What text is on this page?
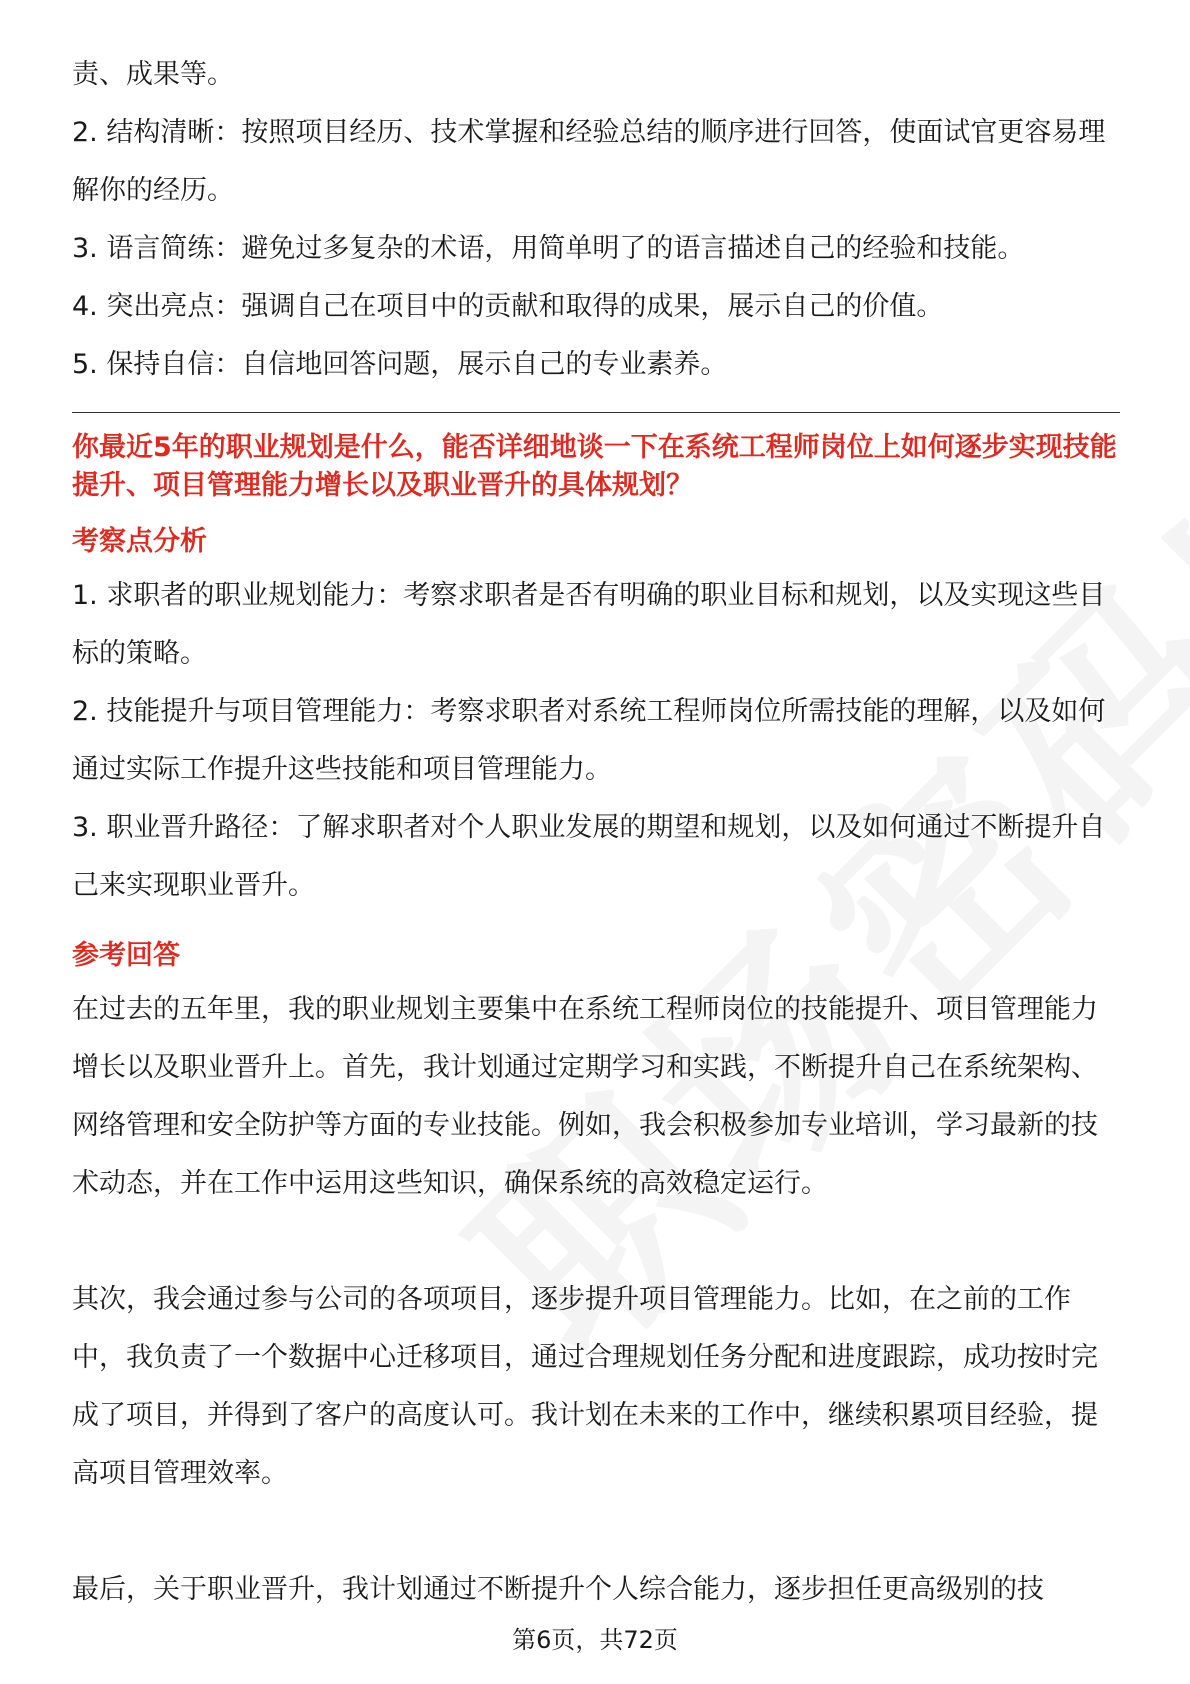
责、成果等。

2. 结构清晰：按照项目经历、技术掌握和经验总结的顺序进行回答，使面试官更容易理解你的经历。

3. 语言简练：避免过多复杂的术语，用简单明了的语言描述自己的经验和技能。

4. 突出亮点：强调自己在项目中的贡献和取得的成果，展示自己的价值。

5. 保持自信：自信地回答问题，展示自己的专业素养。

你最近5年的职业规划是什么，能否详细地谈一下在系统工程师岗位上如何逐步实现技能提升、项目管理能力增长以及职业晋升的具体规划？
考察点分析

1. 求职者的职业规划能力：考察求职者是否有明确的职业目标和规划，以及实现这些目标的策略。

2. 技能提升与项目管理能力：考察求职者对系统工程师岗位所需技能的理解，以及如何通过实际工作提升这些技能和项目管理能力。

3. 职业晋升路径：了解求职者对个人职业发展的期望和规划，以及如何通过不断提升自己来实现职业晋升。

参考回答

在过去的五年里，我的职业规划主要集中在系统工程师岗位的技能提升、项目管理能力增长以及职业晋升上。首先，我计划通过定期学习和实践，不断提升自己在系统架构、网络管理和安全防护等方面的专业技能。例如，我会积极参加专业培训，学习最新的技术动态，并在工作中运用这些知识，确保系统的高效稳定运行。

其次，我会通过参与公司的各项项目，逐步提升项目管理能力。比如，在之前的工作中，我负责了一个数据中心迁移项目，通过合理规划任务分配和进度跟踪，成功按时完成了项目，并得到了客户的高度认可。我计划在未来的工作中，继续积累项目经验，提高项目管理效率。

最后，关于职业晋升，我计划通过不断提升个人综合能力，逐步担任更高级别的技

第6页，共72页
